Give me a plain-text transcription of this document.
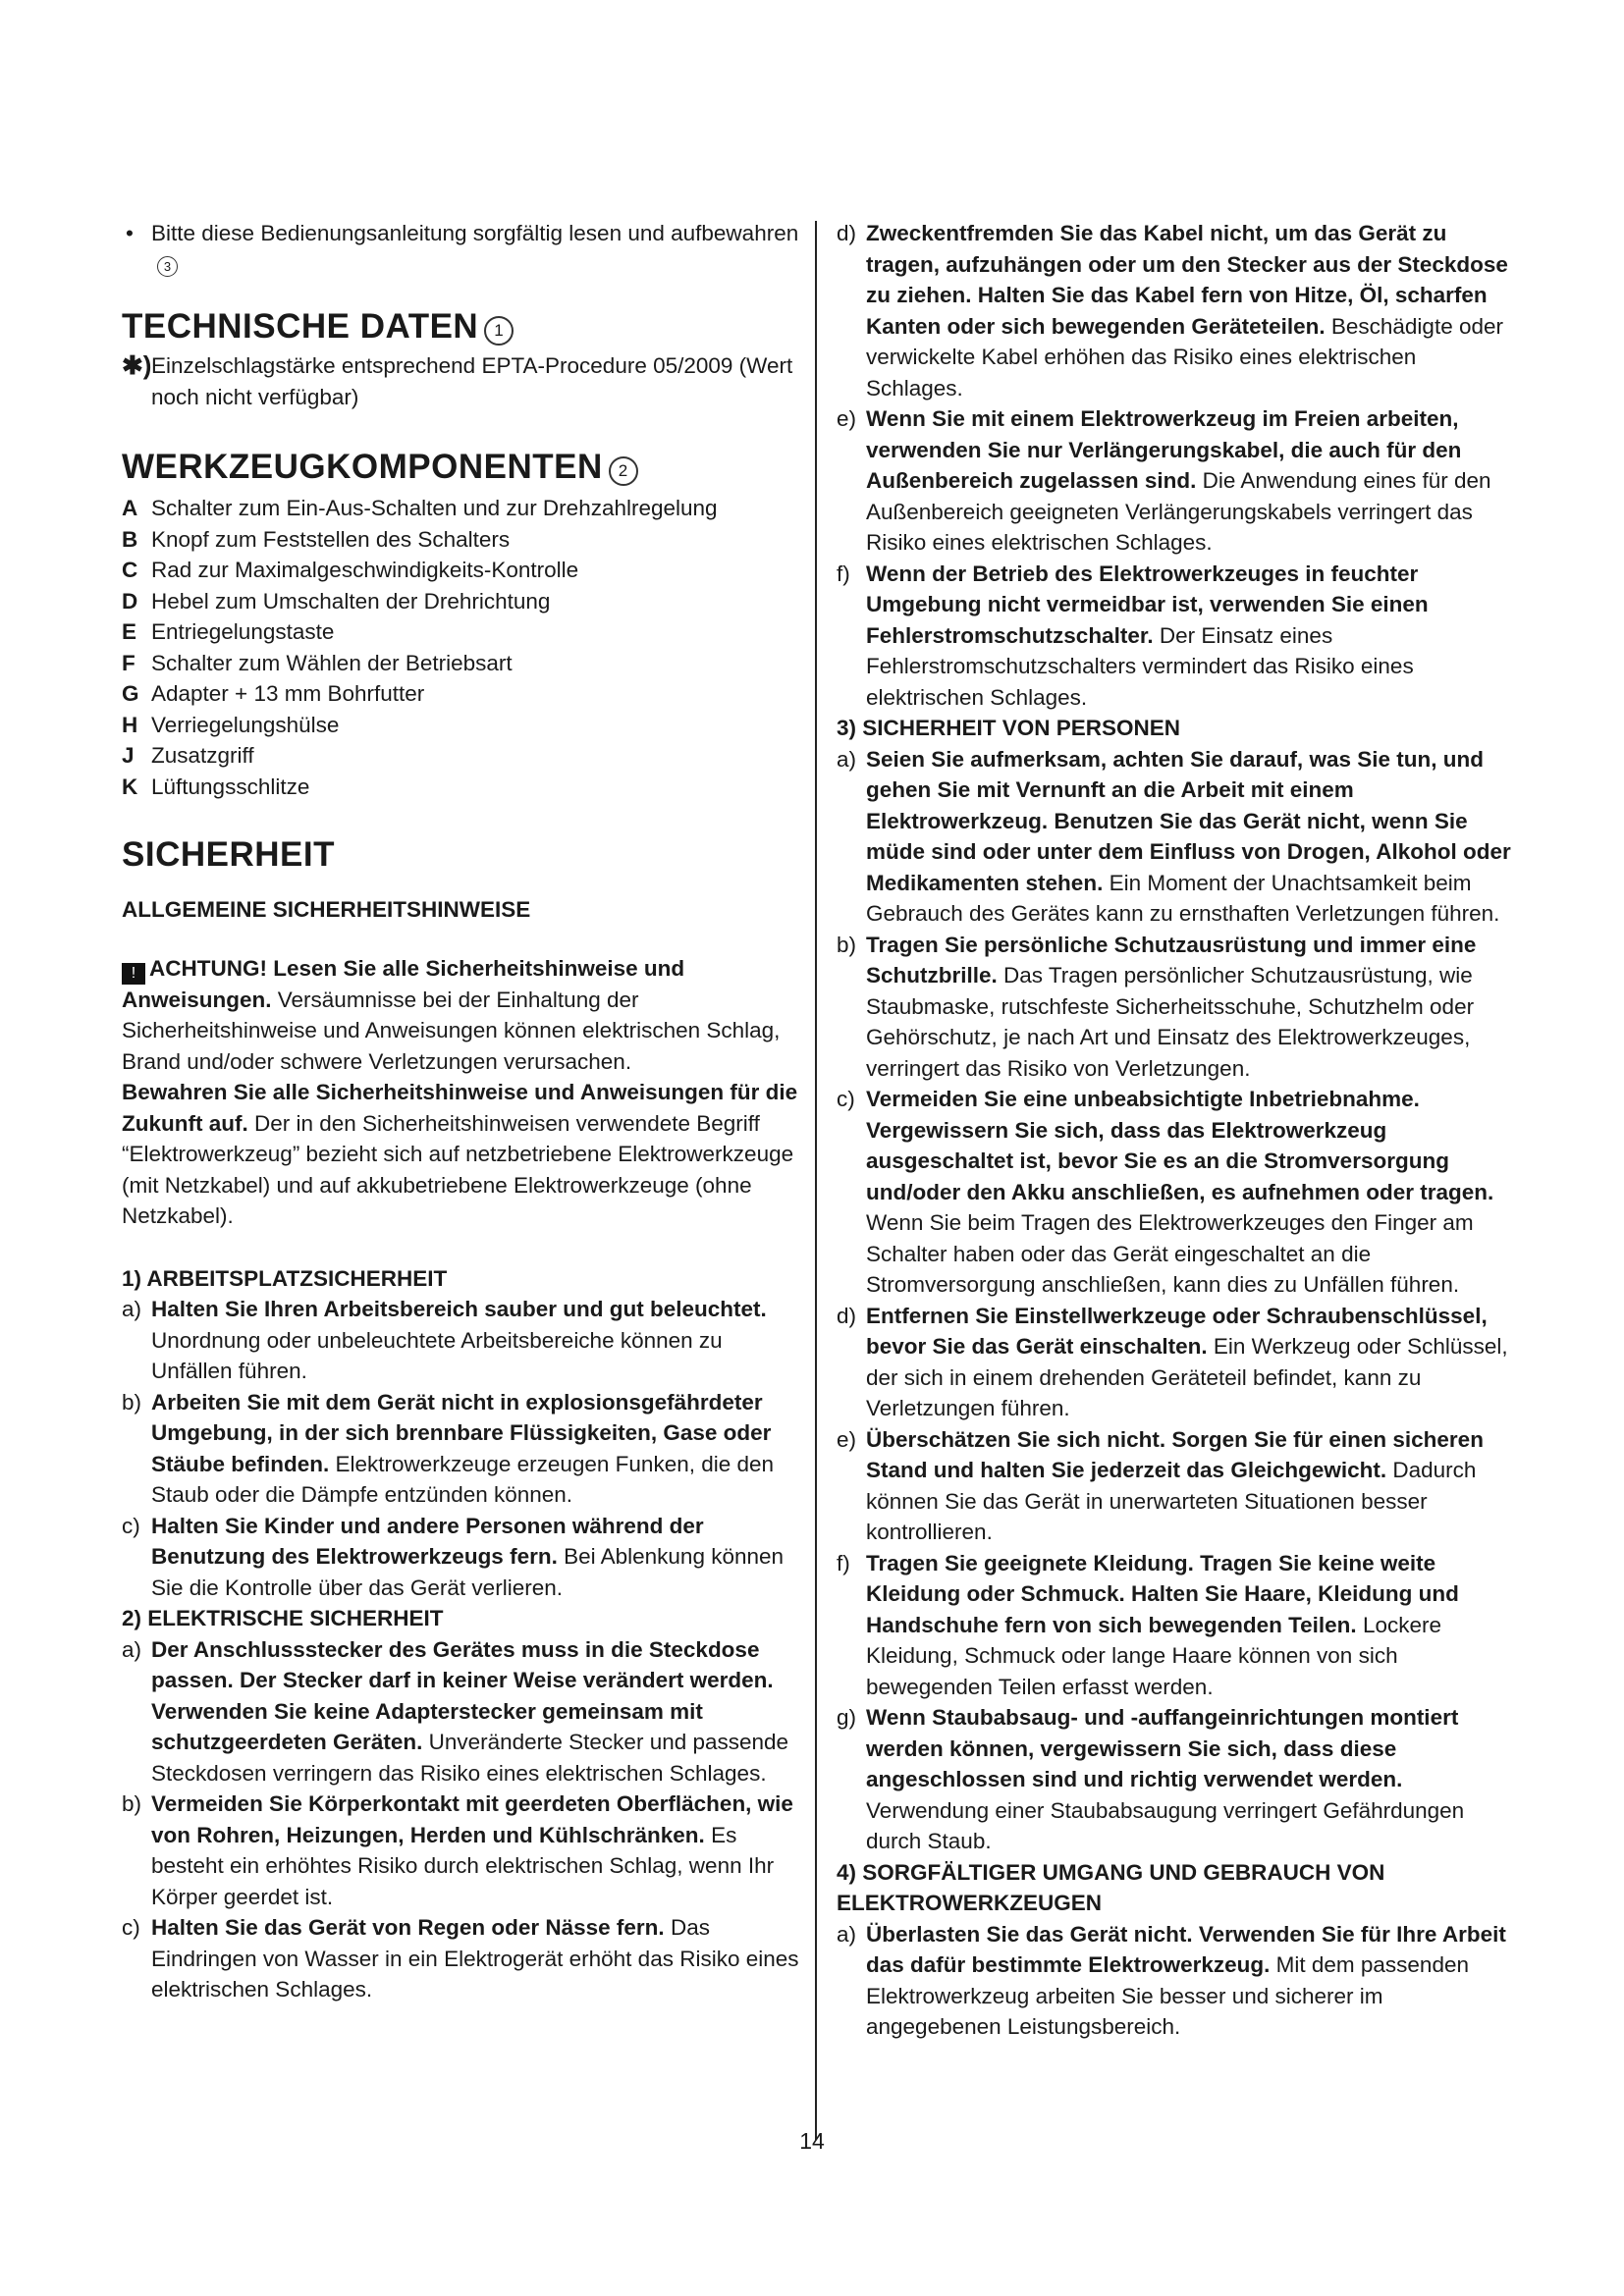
• Bitte diese Bedienungsanleitung sorgfältig lesen und aufbewahren3

TECHNISCHE DATEN 1

✱) Einzelschlagstärke entsprechend EPTA-Procedure 05/2009 (Wert noch nicht verfügbar)

WERKZEUGKOMPONENTEN 2

A Schalter zum Ein-Aus-Schalten und zur Drehzahlregelung

B Knopf zum Feststellen des Schalters

C Rad zur Maximalgeschwindigkeits-Kontrolle

D Hebel zum Umschalten der Drehrichtung

E Entriegelungstaste

F Schalter zum Wählen der Betriebsart

G Adapter + 13 mm Bohrfutter

H Verriegelungshülse

J Zusatzgriff

K Lüftungsschlitze

SICHERHEIT
ALLGEMEINE SICHERHEITSHINWEISE

! ACHTUNG! Lesen Sie alle Sicherheitshinweise und Anweisungen. Versäumnisse bei der Einhaltung der Sicherheitshinweise und Anweisungen können elektrischen Schlag, Brand und/oder schwere Verletzungen verursachen.

Bewahren Sie alle Sicherheitshinweise und Anweisungen für die Zukunft auf. Der in den Sicherheitshinweisen verwendete Begriff “Elektrowerkzeug” bezieht sich auf netzbetriebene Elektrowerkzeuge (mit Netzkabel) und auf akkubetriebene Elektrowerkzeuge (ohne Netzkabel).

1) ARBEITSPLATZSICHERHEIT

a) Halten Sie Ihren Arbeitsbereich sauber und gut beleuchtet. Unordnung oder unbeleuchtete Arbeitsbereiche können zu Unfällen führen.

b) Arbeiten Sie mit dem Gerät nicht in explosionsgefährdeter Umgebung, in der sich brennbare Flüssigkeiten, Gase oder Stäube befinden. Elektrowerkzeuge erzeugen Funken, die den Staub oder die Dämpfe entzünden können.

c) Halten Sie Kinder und andere Personen während der Benutzung des Elektrowerkzeugs fern. Bei Ablenkung können Sie die Kontrolle über das Gerät verlieren.

2) ELEKTRISCHE SICHERHEIT

a) Der Anschlussstecker des Gerätes muss in die Steckdose passen. Der Stecker darf in keiner Weise verändert werden. Verwenden Sie keine Adapterstecker gemeinsam mit schutzgeerdeten Geräten. Unveränderte Stecker und passende Steckdosen verringern das Risiko eines elektrischen Schlages.

b) Vermeiden Sie Körperkontakt mit geerdeten Oberflächen, wie von Rohren, Heizungen, Herden und Kühlschränken. Es besteht ein erhöhtes Risiko durch elektrischen Schlag, wenn Ihr Körper geerdet ist.

c) Halten Sie das Gerät von Regen oder Nässe fern. Das Eindringen von Wasser in ein Elektrogerät erhöht das Risiko eines elektrischen Schlages.

d) Zweckentfremden Sie das Kabel nicht, um das Gerät zu tragen, aufzuhängen oder um den Stecker aus der Steckdose zu ziehen. Halten Sie das Kabel fern von Hitze, Öl, scharfen Kanten oder sich bewegenden Geräteteilen. Beschädigte oder verwickelte Kabel erhöhen das Risiko eines elektrischen Schlages.

e) Wenn Sie mit einem Elektrowerkzeug im Freien arbeiten, verwenden Sie nur Verlängerungskabel, die auch für den Außenbereich zugelassen sind. Die Anwendung eines für den Außenbereich geeigneten Verlängerungskabels verringert das Risiko eines elektrischen Schlages.

f) Wenn der Betrieb des Elektrowerkzeuges in feuchter Umgebung nicht vermeidbar ist, verwenden Sie einen Fehlerstromschutzschalter. Der Einsatz eines Fehlerstromschutzschalters vermindert das Risiko eines elektrischen Schlages.

3) SICHERHEIT VON PERSONEN

a) Seien Sie aufmerksam, achten Sie darauf, was Sie tun, und gehen Sie mit Vernunft an die Arbeit mit einem Elektrowerkzeug. Benutzen Sie das Gerät nicht, wenn Sie müde sind oder unter dem Einfluss von Drogen, Alkohol oder Medikamenten stehen. Ein Moment der Unachtsamkeit beim Gebrauch des Gerätes kann zu ernsthaften Verletzungen führen.

b) Tragen Sie persönliche Schutzausrüstung und immer eine Schutzbrille. Das Tragen persönlicher Schutzausrüstung, wie Staubmaske, rutschfeste Sicherheitsschuhe, Schutzhelm oder Gehörschutz, je nach Art und Einsatz des Elektrowerkzeuges, verringert das Risiko von Verletzungen.

c) Vermeiden Sie eine unbeabsichtigte Inbetriebnahme. Vergewissern Sie sich, dass das Elektrowerkzeug ausgeschaltet ist, bevor Sie es an die Stromversorgung und/oder den Akku anschließen, es aufnehmen oder tragen. Wenn Sie beim Tragen des Elektrowerkzeuges den Finger am Schalter haben oder das Gerät eingeschaltet an die Stromversorgung anschließen, kann dies zu Unfällen führen.

d) Entfernen Sie Einstellwerkzeuge oder Schraubenschlüssel, bevor Sie das Gerät einschalten. Ein Werkzeug oder Schlüssel, der sich in einem drehenden Geräteteil befindet, kann zu Verletzungen führen.

e) Überschätzen Sie sich nicht. Sorgen Sie für einen sicheren Stand und halten Sie jederzeit das Gleichgewicht. Dadurch können Sie das Gerät in unerwarteten Situationen besser kontrollieren.

f) Tragen Sie geeignete Kleidung. Tragen Sie keine weite Kleidung oder Schmuck. Halten Sie Haare, Kleidung und Handschuhe fern von sich bewegenden Teilen. Lockere Kleidung, Schmuck oder lange Haare können von sich bewegenden Teilen erfasst werden.

g) Wenn Staubabsaug- und -auffangeinrichtungen montiert werden können, vergewissern Sie sich, dass diese angeschlossen sind und richtig verwendet werden. Verwendung einer Staubabsaugung verringert Gefährdungen durch Staub.

4) SORGFÄLTIGER UMGANG UND GEBRAUCH VON ELEKTROWERKZEUGEN

a) Überlasten Sie das Gerät nicht. Verwenden Sie für Ihre Arbeit das dafür bestimmte Elektrowerkzeug. Mit dem passenden Elektrowerkzeug arbeiten Sie besser und sicherer im angegebenen Leistungsbereich.

14
